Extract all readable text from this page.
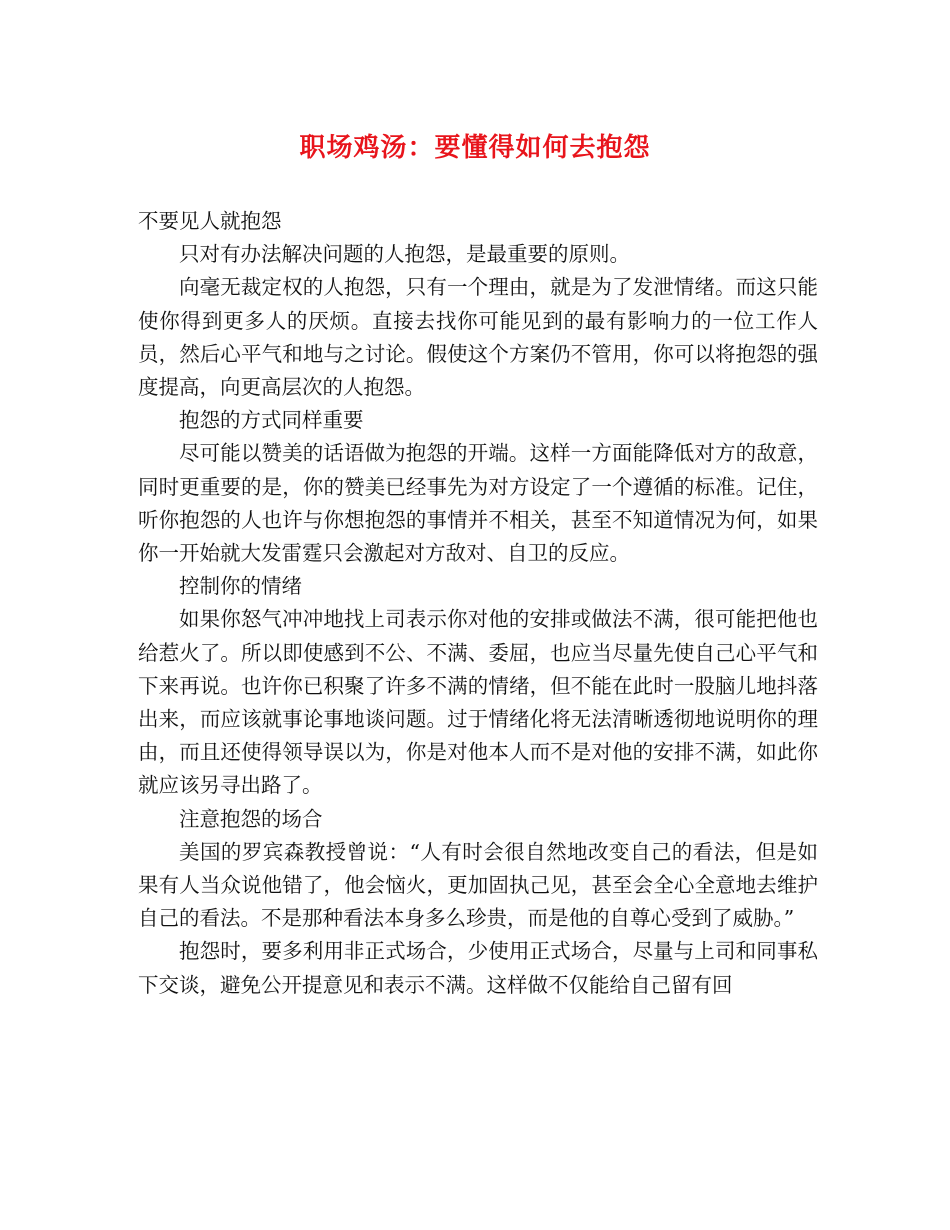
职场鸡汤：要懂得如何去抱怨

不要见人就抱怨

只对有办法解决问题的人抱怨，是最重要的原则。

向毫无裁定权的人抱怨，只有一个理由，就是为了发泄情绪。而这只能使你得到更多人的厌烦。直接去找你可能见到的最有影响力的一位工作人员，然后心平气和地与之讨论。假使这个方案仍不管用，你可以将抱怨的强度提高，向更高层次的人抱怨。

抱怨的方式同样重要

尽可能以赞美的话语做为抱怨的开端。这样一方面能降低对方的敌意，同时更重要的是，你的赞美已经事先为对方设定了一个遵循的标准。记住，听你抱怨的人也许与你想抱怨的事情并不相关，甚至不知道情况为何，如果你一开始就大发雷霆只会激起对方敌对、自卫的反应。

控制你的情绪

如果你怒气冲冲地找上司表示你对他的安排或做法不满，很可能把他也给惹火了。所以即使感到不公、不满、委屈，也应当尽量先使自己心平气和下来再说。也许你已积聚了许多不满的情绪，但不能在此时一股脑儿地抖落出来，而应该就事论事地谈问题。过于情绪化将无法清晰透彻地说明你的理由，而且还使得领导误以为，你是对他本人而不是对他的安排不满，如此你就应该另寻出路了。

注意抱怨的场合

美国的罗宾森教授曾说：“人有时会很自然地改变自己的看法，但是如果有人当众说他错了，他会恼火，更加固执己见，甚至会全心全意地去维护自己的看法。不是那种看法本身多么珍贵，而是他的自尊心受到了威胁。”

抱怨时，要多利用非正式场合，少使用正式场合，尽量与上司和同事私下交谈，避免公开提意见和表示不满。这样做不仅能给自己留有回
